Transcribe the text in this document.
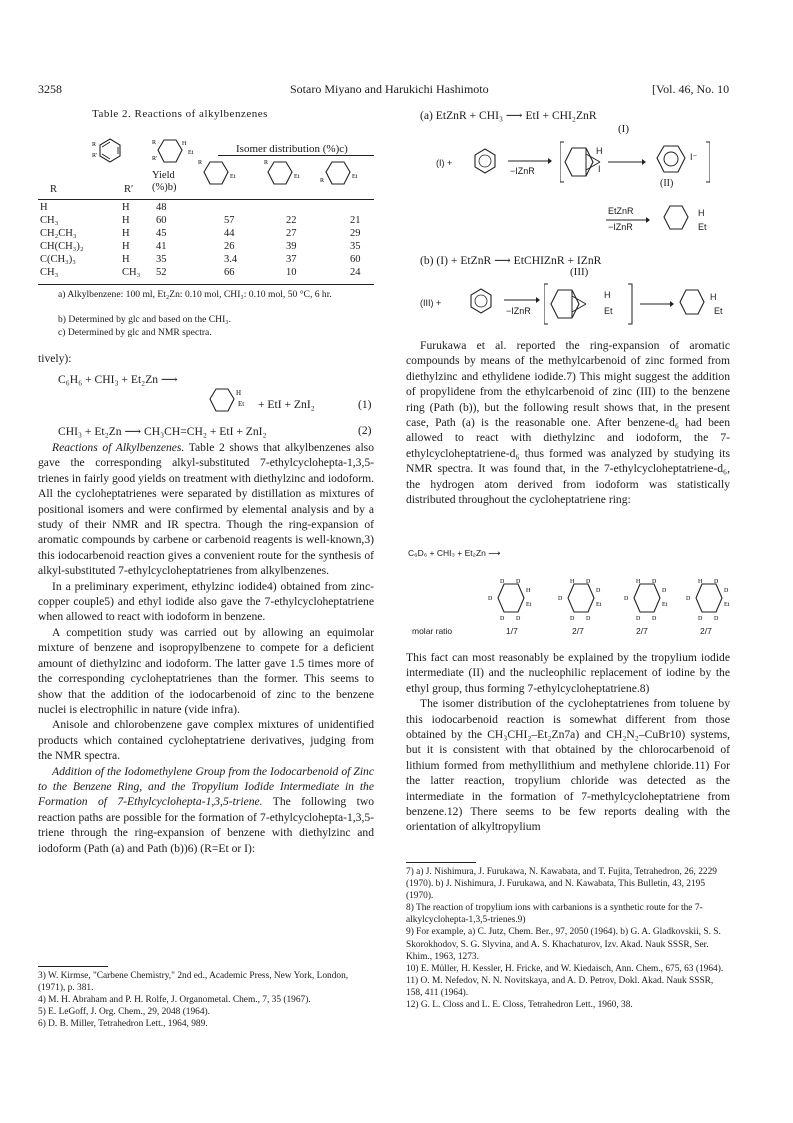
3258	Sotaro Miyano and Harukichi Hashimoto	[Vol. 46, No. 10
Table 2. Reactions of alkylbenzenes
R
R'
H
Et
R
R'
R
Et
R
Et
R
Et
Isomer distribution (%)c)
Yield
(%)b)
R	R′
H	H	48			
CH₃	H	60	57	22	21
CH₂CH₃	H	45	44	27	29
CH(CH₃)₂	H	41	26	39	35
C(CH₃)₃	H	35	3.4	37	60
CH₃	CH₃	52	66	10	24
a) Alkylbenzene: 100 ml, Et₂Zn: 0.10 mol, CHI₃: 0.10 mol, 50 °C, 6 hr.
b) Determined by glc and based on the CHI₃.
c) Determined by glc and NMR spectra.
tively):
C₆H₆ + CHI₃ + Et₂Zn ⟶
H
Et + EtI + ZnI₂	(1)
CHI₃ + Et₂Zn ⟶ CH₃CH=CH₂ + EtI + ZnI₂	(2)

Reactions of Alkylbenzenes. Table 2 shows that alkylbenzenes also gave the corresponding alkyl-substituted 7-ethylcyclohepta-1,3,5-trienes in fairly good yields on treatment with diethylzinc and iodoform. All the cycloheptatrienes were separated by distillation as mixtures of positional isomers and were confirmed by elemental analysis and by a study of their NMR and IR spectra. Though the ring-expansion of aromatic compounds by carbene or carbenoid reagents is well-known,3) this iodocarbenoid reaction gives a convenient route for the synthesis of alkyl-substituted 7-ethylcycloheptatrienes from alkylbenzenes.

In a preliminary experiment, ethylzinc iodide4) obtained from zinc-copper couple5) and ethyl iodide also gave the 7-ethylcycloheptatriene when allowed to react with iodoform in benzene.

A competition study was carried out by allowing an equimolar mixture of benzene and isopropylbenzene to compete for a deficient amount of diethylzinc and iodoform. The latter gave 1.5 times more of the corresponding cycloheptatrienes than the former. This seems to show that the addition of the iodocarbenoid of zinc to the benzene nuclei is electrophilic in nature (vide infra).

Anisole and chlorobenzene gave complex mixtures of unidentified products which contained cycloheptatriene derivatives, judging from the NMR spectra.

Addition of the Iodomethylene Group from the Iodocarbenoid of Zinc to the Benzene Ring, and the Tropylium Iodide Intermediate in the Formation of 7-Ethylcyclohepta-1,3,5-triene. The following two reaction paths are possible for the formation of 7-ethylcyclohepta-1,3,5-triene through the ring-expansion of benzene with diethylzinc and iodoform (Path (a) and Path (b))6) (R=Et or I):

3) W. Kirmse, "Carbene Chemistry," 2nd ed., Academic Press, New York, London, (1971), p. 381.
4) M. H. Abraham and P. H. Rolfe, J. Organometal. Chem., 7, 35 (1967).
5) E. LeGoff, J. Org. Chem., 29, 2048 (1964).
6) D. B. Miller, Tetrahedron Lett., 1964, 989.
(a) EtZnR + CHI₃ ⟶ EtI + CHI₂ZnR
(I)
(I) +
−IZnR
H
I
I⁻
(II)
EtZnR
−IZnR
H
Et
(b) (I) + EtZnR ⟶ EtCHIZnR + IZnR
(III)
(III) +
−IZnR
H
Et
H
Et

Furukawa et al. reported the ring-expansion of aromatic compounds by means of the methylcarbenoid of zinc formed from diethylzinc and ethylidene iodide.7) This might suggest the addition of propylidene from the ethylcarbenoid of zinc (III) to the benzene ring (Path (b)), but the following result shows that, in the present case, Path (a) is the reasonable one. After benzene-d₆ had been allowed to react with diethylzinc and iodoform, the 7-ethylcycloheptatriene-d₆ thus formed was analyzed by studying its NMR spectra. It was found that, in the 7-ethylcycloheptatriene-d₆, the hydrogen atom derived from iodoform was statistically distributed throughout the cycloheptatriene ring:

C₆D₆ + CHI₃ + Et₂Zn ⟶
D D
D
H
Et
D D
H D
D
D
Et
D D
H D
D
D
Et
D D
H D
D
D
Et
D D
molar ratio	1/7	2/7	2/7	2/7

This fact can most reasonably be explained by the tropylium iodide intermediate (II) and the nucleophilic replacement of iodine by the ethyl group, thus forming 7-ethylcycloheptatriene.8)

The isomer distribution of the cycloheptatrienes from toluene by this iodocarbenoid reaction is somewhat different from those obtained by the CH₃CHI₂–Et₂Zn7a) and CH₂N₂–CuBr10) systems, but it is consistent with that obtained by the chlorocarbenoid of lithium formed from methyllithium and methylene chloride.11) For the latter reaction, tropylium chloride was detected as the intermediate in the formation of 7-methylcycloheptatriene from benzene.12) There seems to be few reports dealing with the orientation of alkyltropylium

7) a) J. Nishimura, J. Furukawa, N. Kawabata, and T. Fujita, Tetrahedron, 26, 2229 (1970). b) J. Nishimura, J. Furukawa, and N. Kawabata, This Bulletin, 43, 2195 (1970).
8) The reaction of tropylium ions with carbanions is a synthetic route for the 7-alkylcyclohepta-1,3,5-trienes.9)
9) For example, a) C. Jutz, Chem. Ber., 97, 2050 (1964). b) G. A. Gladkovskii, S. S. Skorokhodov, S. G. Slyvina, and A. S. Khachaturov, Izv. Akad. Nauk SSSR, Ser. Khim., 1963, 1273.
10) E. Müller, H. Kessler, H. Fricke, and W. Kiedaisch, Ann. Chem., 675, 63 (1964).
11) O. M. Nefedov, N. N. Novitskaya, and A. D. Petrov, Dokl. Akad. Nauk SSSR, 158, 411 (1964).
12) G. L. Closs and L. E. Closs, Tetrahedron Lett., 1960, 38.
